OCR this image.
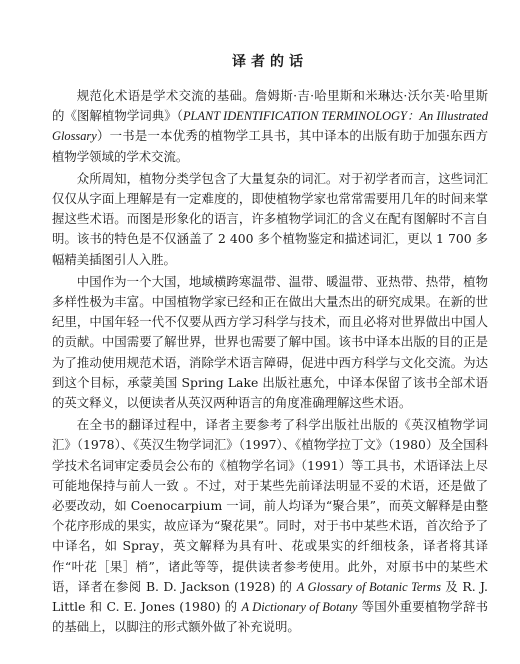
译者的话

规范化术语是学术交流的基础。詹姆斯·吉·哈里斯和米琳达·沃尔芙·哈里斯的《图解植物学词典》（PLANT IDENTIFICATION TERMINOLOGY：An Illustrated Glossary）一书是一本优秀的植物学工具书，其中译本的出版有助于加强东西方植物学领域的学术交流。

众所周知，植物分类学包含了大量复杂的词汇。对于初学者而言，这些词汇仅仅从字面上理解是有一定难度的，即使植物学家也常常需要用几年的时间来掌握这些术语。而图是形象化的语言，许多植物学词汇的含义在配有图解时不言自明。该书的特色是不仅涵盖了 2 400 多个植物鉴定和描述词汇，更以 1 700 多幅精美插图引人入胜。

中国作为一个大国，地域横跨寒温带、温带、暖温带、亚热带、热带，植物多样性极为丰富。中国植物学家已经和正在做出大量杰出的研究成果。在新的世纪里，中国年轻一代不仅要从西方学习科学与技术，而且必将对世界做出中国人的贡献。中国需要了解世界，世界也需要了解中国。该书中译本出版的目的正是为了推动使用规范术语，消除学术语言障碍，促进中西方科学与文化交流。为达到这个目标，承蒙美国 Spring Lake 出版社惠允，中译本保留了该书全部术语的英文释义，以便读者从英汉两种语言的角度准确理解这些术语。

在全书的翻译过程中，译者主要参考了科学出版社出版的《英汉植物学词汇》（1978）、《英汉生物学词汇》（1997）、《植物学拉丁文》（1980）及全国科学技术名词审定委员会公布的《植物学名词》（1991）等工具书，术语译法上尽可能地保持与前人一致 。不过，对于某些先前译法明显不妥的术语，还是做了必要改动，如 Coenocarpium 一词，前人均译为“聚合果”，而英文解释是由整个花序形成的果实，故应译为“聚花果”。同时，对于书中某些术语，首次给予了中译名，如 Spray，英文解释为具有叶、花或果实的纤细枝条，译者将其译作“叶花［果］梢”，诸此等等，提供读者参考使用。此外，对原书中的某些术语，译者在参阅 B. D. Jackson (1928) 的 A Glossary of Botanic Terms 及 R. J. Little 和 C. E. Jones (1980) 的 A Dictionary of Botany 等国外重要植物学辞书的基础上，以脚注的形式额外做了补充说明。
